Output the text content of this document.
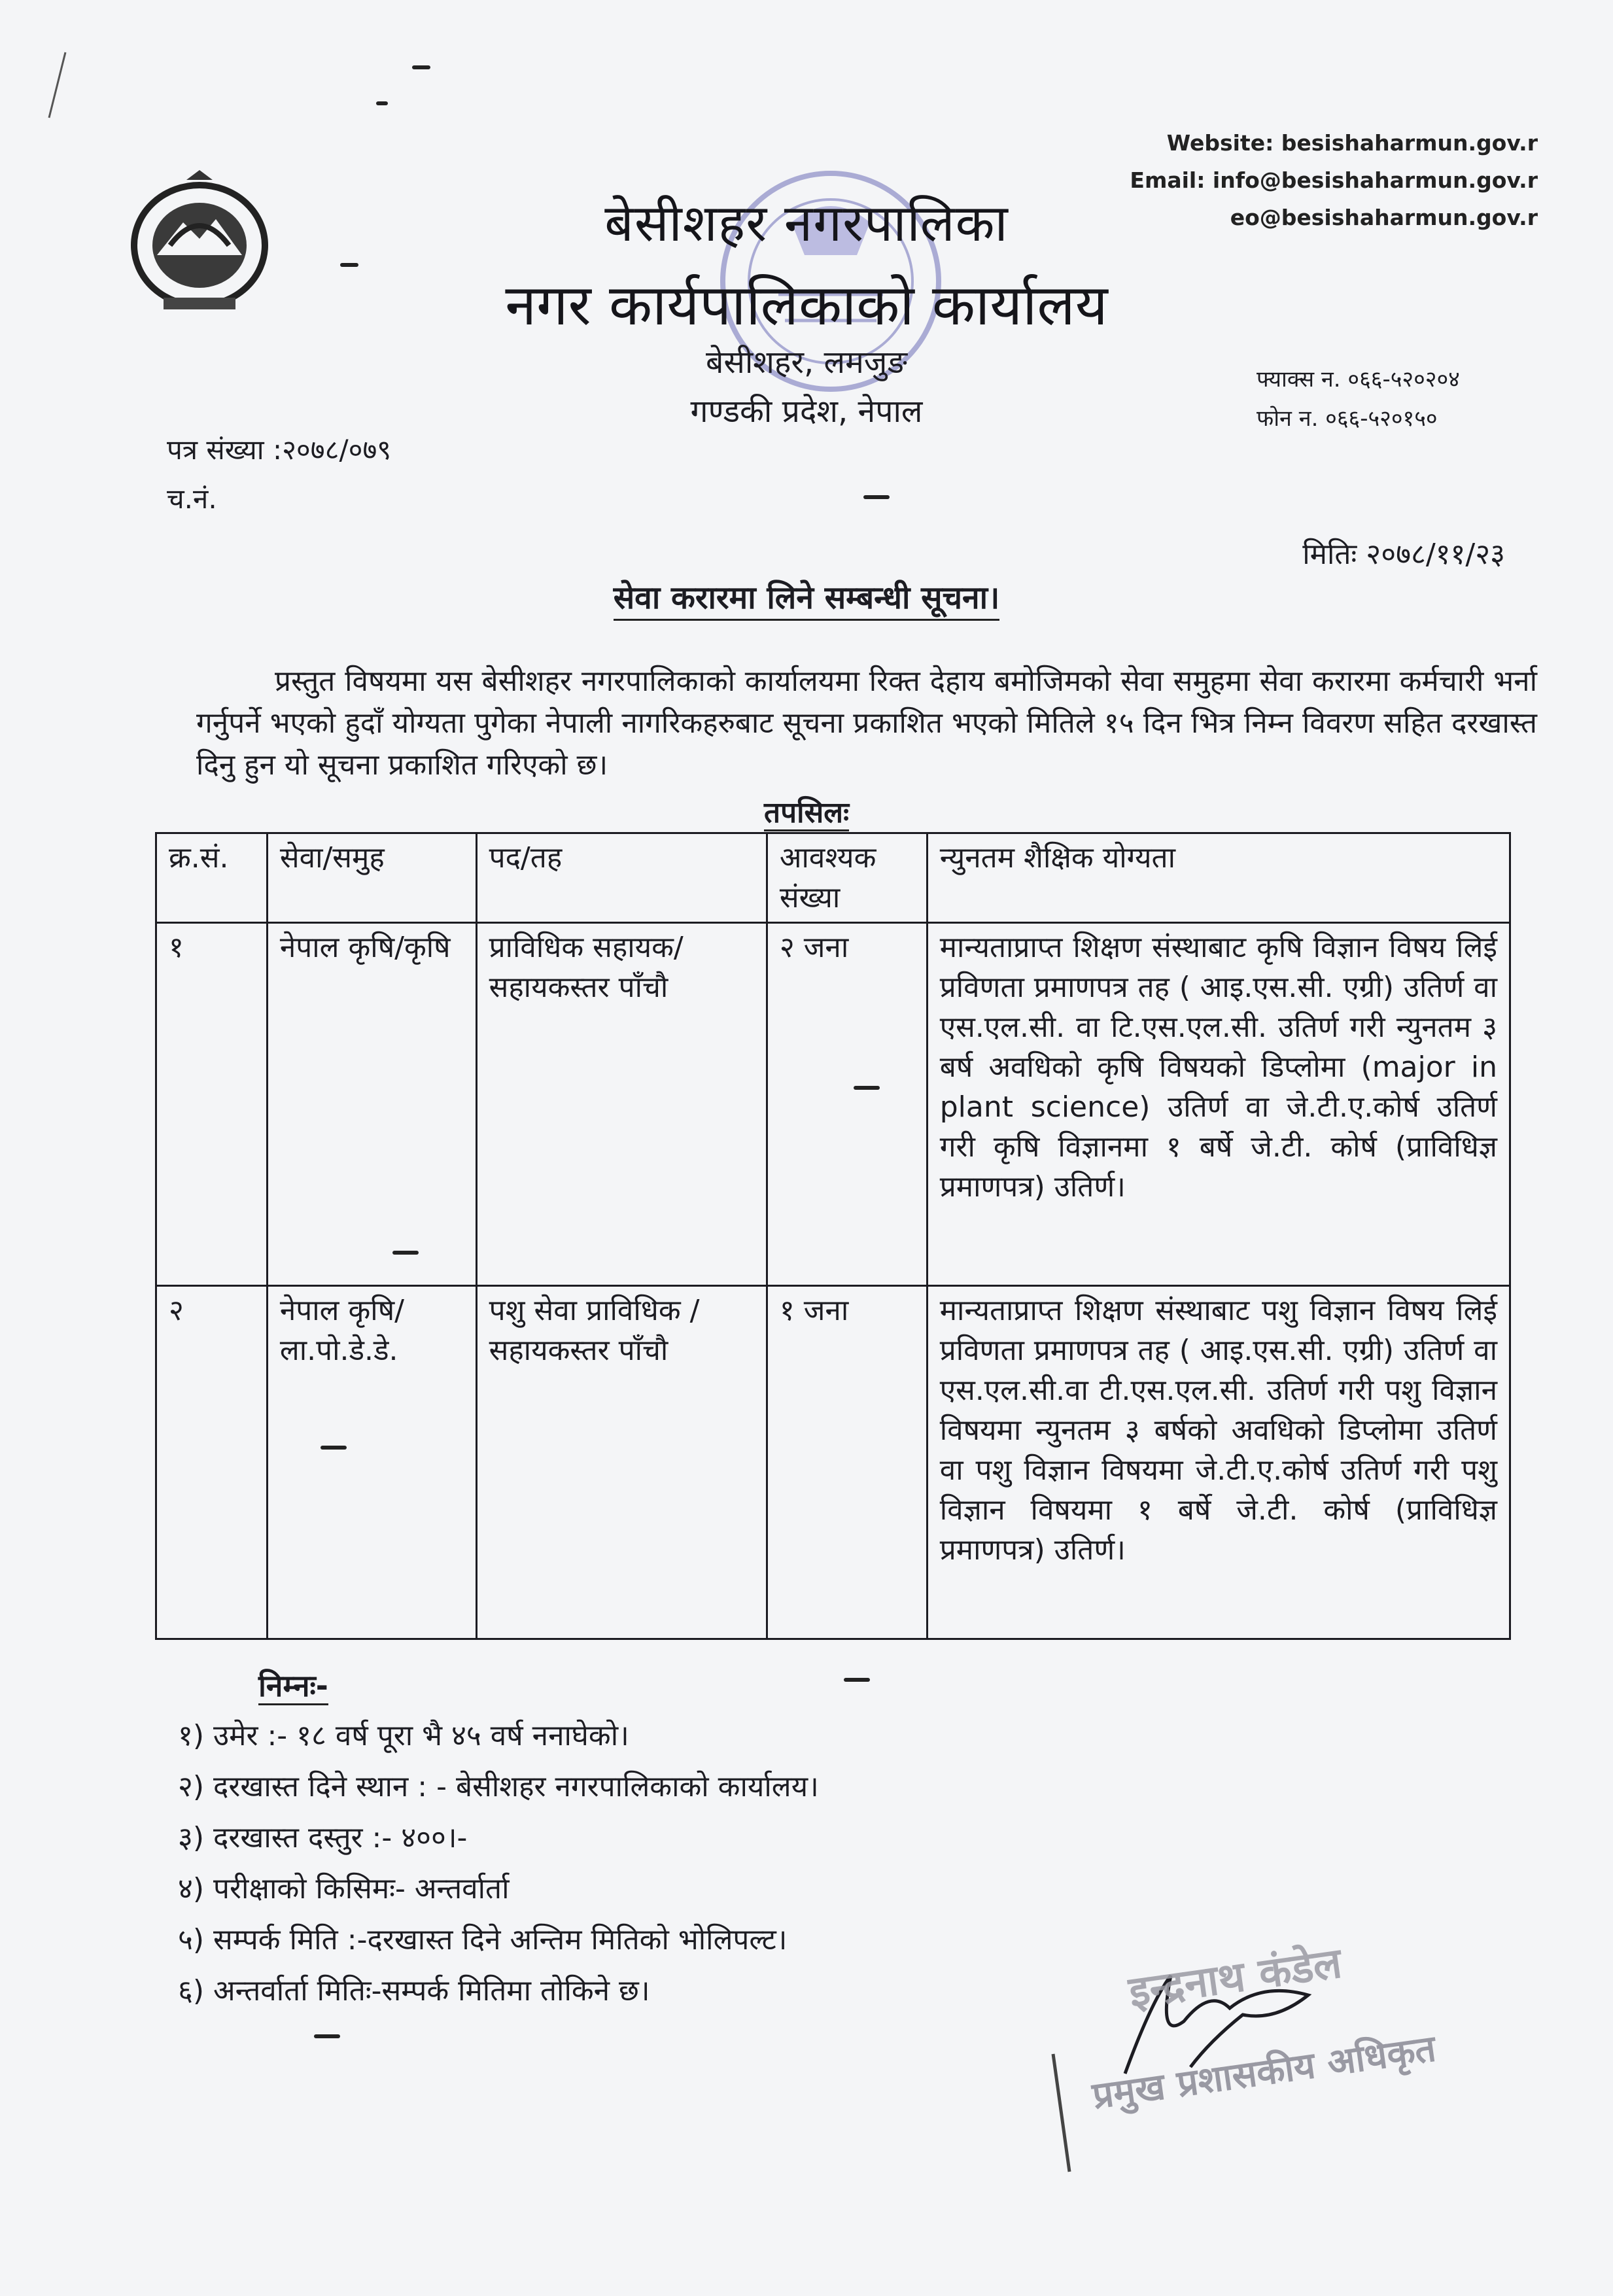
Website: besishaharmun.gov.r
Email: info@besishaharmun.gov.r
eo@besishaharmun.gov.r
बेसीशहर नगरपालिका
नगर कार्यपालिकाको कार्यालय
बेसीशहर, लमजुङ
गण्डकी प्रदेश, नेपाल
फ्याक्स न. ०६६-५२०२०४
फोन न. ०६६-५२०१५०
पत्र संख्या :२०७८/०७९
च.नं.
मितिः २०७८/११/२३
सेवा करारमा लिने सम्बन्धी सूचना।
प्रस्तुत विषयमा यस बेसीशहर नगरपालिकाको कार्यालयमा रिक्त देहाय बमोजिमको सेवा समुहमा सेवा करारमा कर्मचारी भर्ना गर्नुपर्ने भएको हुदाँ योग्यता पुगेका नेपाली नागरिकहरुबाट सूचना प्रकाशित भएको मितिले १५ दिन भित्र निम्न विवरण सहित दरखास्त दिनु हुन यो सूचना प्रकाशित गरिएको छ।
तपसिलः
क्र.सं.	सेवा/समुह	पद/तह	आवश्यक संख्या	न्युनतम शैक्षिक योग्यता
१	नेपाल कृषि/कृषि	प्राविधिक सहायक/सहायकस्तर पाँचौ	२ जना	मान्यताप्राप्त शिक्षण संस्थाबाट कृषि विज्ञान विषय लिई प्रविणता प्रमाणपत्र तह ( आइ.एस.सी. एग्री) उतिर्ण वा एस.एल.सी. वा टि.एस.एल.सी. उतिर्ण गरी न्युनतम ३ बर्ष अवधिको कृषि विषयको डिप्लोमा (major in plant science) उतिर्ण वा जे.टी.ए.कोर्ष उतिर्ण गरी कृषि विज्ञानमा १ बर्षे जे.टी. कोर्ष (प्राविधिज्ञ प्रमाणपत्र) उतिर्ण।
२	नेपाल कृषि/ ला.पो.डे.डे.	पशु सेवा प्राविधिक /सहायकस्तर पाँचौ	१ जना	मान्यताप्राप्त शिक्षण संस्थाबाट पशु विज्ञान विषय लिई प्रविणता प्रमाणपत्र तह ( आइ.एस.सी. एग्री) उतिर्ण वा एस.एल.सी.वा टी.एस.एल.सी. उतिर्ण गरी पशु विज्ञान विषयमा न्युनतम ३ बर्षको अवधिको डिप्लोमा उतिर्ण वा पशु विज्ञान विषयमा जे.टी.ए.कोर्ष उतिर्ण गरी पशु विज्ञान विषयमा १ बर्षे जे.टी. कोर्ष (प्राविधिज्ञ प्रमाणपत्र) उतिर्ण।
निम्नः-
१) उमेर :- १८ वर्ष पूरा भै ४५ वर्ष ननाघेको।
२) दरखास्त दिने स्थान : - बेसीशहर नगरपालिकाको कार्यालय।
३) दरखास्त दस्तुर :- ४००।-
४) परीक्षाको किसिमः- अन्तर्वार्ता
५) सम्पर्क मिति :-दरखास्त दिने अन्तिम मितिको भोलिपल्ट।
६) अन्तर्वार्ता मितिः-सम्पर्क मितिमा तोकिने छ।	इन्द्रनाथ कंडेल
प्रमुख प्रशासकीय अधिकृत
